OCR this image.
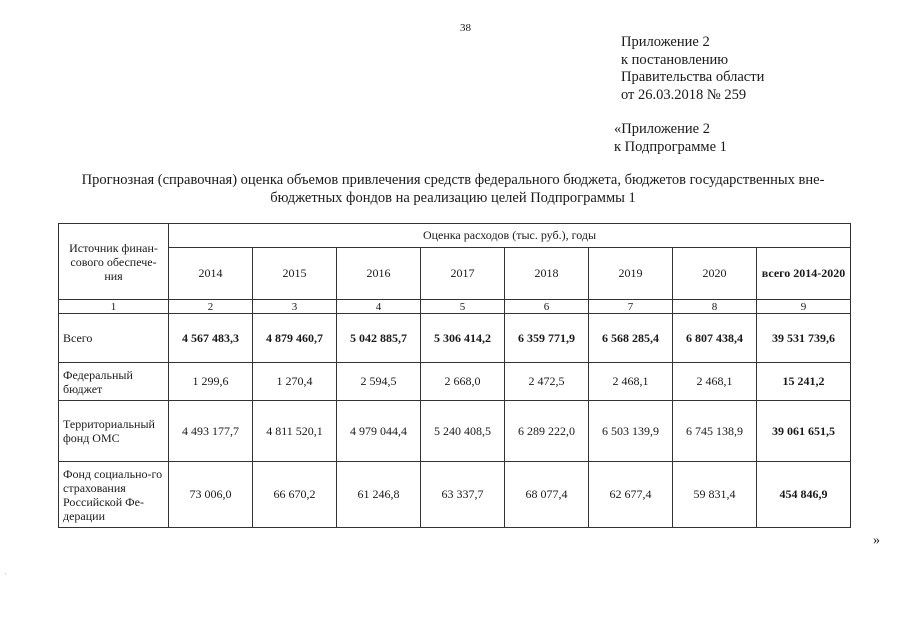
38
Приложение 2
к постановлению
Правительства области
от 26.03.2018 № 259
«Приложение 2
к Подпрограмме 1
Прогнозная (справочная) оценка объемов привлечения средств федерального бюджета, бюджетов государственных вне-
бюджетных фондов на реализацию целей Подпрограммы 1
Источник финан-сового обеспече-ния	Оценка расходов (тыс. руб.), годы							
	2014	2015	2016	2017	2018	2019	2020	всего 2014-2020
1	2	3	4	5	6	7	8	9
Всего	4 567 483,3	4 879 460,7	5 042 885,7	5 306 414,2	6 359 771,9	6 568 285,4	6 807 438,4	39 531 739,6
Федеральный бюджет	1 299,6	1 270,4	2 594,5	2 668,0	2 472,5	2 468,1	2 468,1	15 241,2
Территориальный фонд ОМС	4 493 177,7	4 811 520,1	4 979 044,4	5 240 408,5	6 289 222,0	6 503 139,9	6 745 138,9	39 061 651,5
Фонд социально-го страхования Российской Фе-дерации	73 006,0	66 670,2	61 246,8	63 337,7	68 077,4	62 677,4	59 831,4	454 846,9
»
·
